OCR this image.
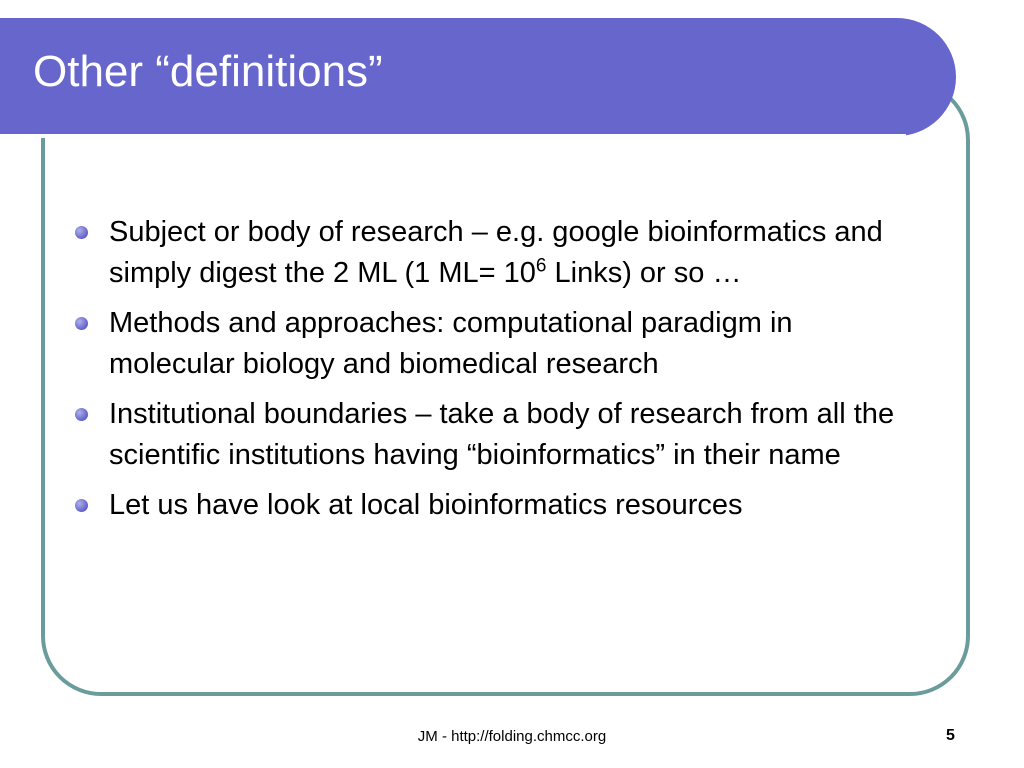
Other “definitions”
Subject or body of research – e.g. google bioinformatics and simply digest the 2 ML (1 $ML= 10^6$ Links) or so …
Methods and approaches: computational paradigm in molecular biology and biomedical research
Institutional boundaries – take a body of research from all the scientific institutions having “bioinformatics” in their name
Let us have look at local bioinformatics resources
JM - http://folding.chmcc.org	5
